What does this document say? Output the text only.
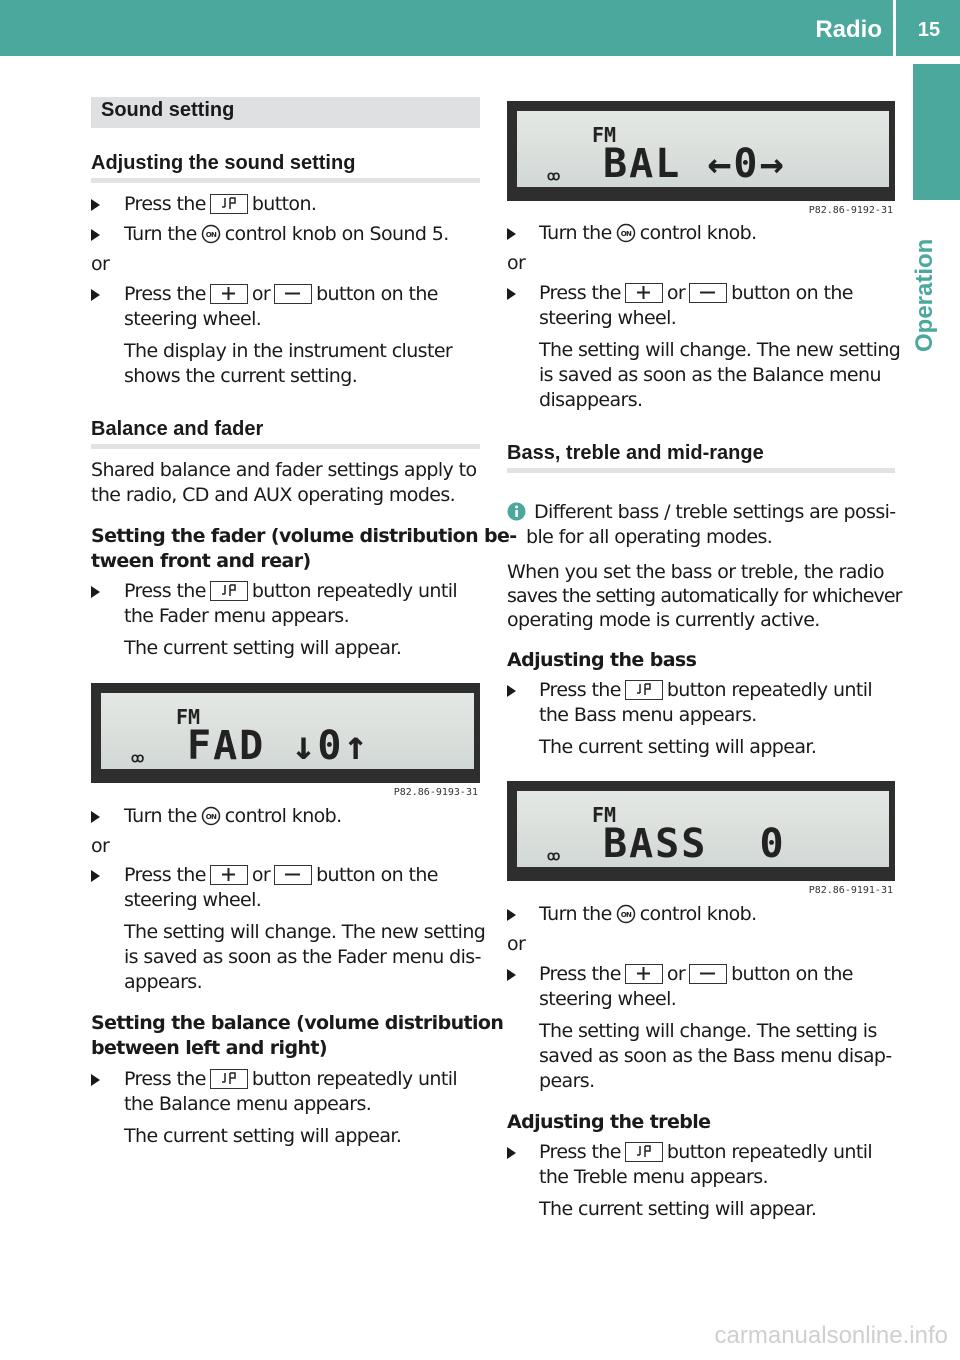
Radio	15
Operation
Sound setting
Adjusting the sound setting
Press the button.
Turn the ON control knob on Sound 5.
or
Press the or button on the
steering wheel.
The display in the instrument cluster
shows the current setting.
Balance and fader
Shared balance and fader settings apply to
the radio, CD and AUX operating modes.
Setting the fader (volume distribution be-
tween front and rear)
Press the button repeatedly until
the Fader menu appears.
The current setting will appear.
FM
FAD ↓0↑
ꝏ
P82.86-9193-31
Turn the ON control knob.
or
Press the or button on the
steering wheel.
The setting will change. The new setting
is saved as soon as the Fader menu dis-
appears.
Setting the balance (volume distribution
between left and right)
Press the button repeatedly until
the Balance menu appears.
The current setting will appear.
FM
BAL ←0→
ꝏ
P82.86-9192-31
Turn the ON control knob.
or
Press the or button on the
steering wheel.
The setting will change. The new setting
is saved as soon as the Balance menu
disappears.
Bass, treble and mid-range
Different bass / treble settings are possi-
ble for all operating modes.
When you set the bass or treble, the radio
saves the setting automatically for whichever
operating mode is currently active.
Adjusting the bass
Press the button repeatedly until
the Bass menu appears.
The current setting will appear.
FM
BASS  0
ꝏ
P82.86-9191-31
Turn the ON control knob.
or
Press the or button on the
steering wheel.
The setting will change. The setting is
saved as soon as the Bass menu disap-
pears.
Adjusting the treble
Press the button repeatedly until
the Treble menu appears.
The current setting will appear.
carmanualsonline.info
